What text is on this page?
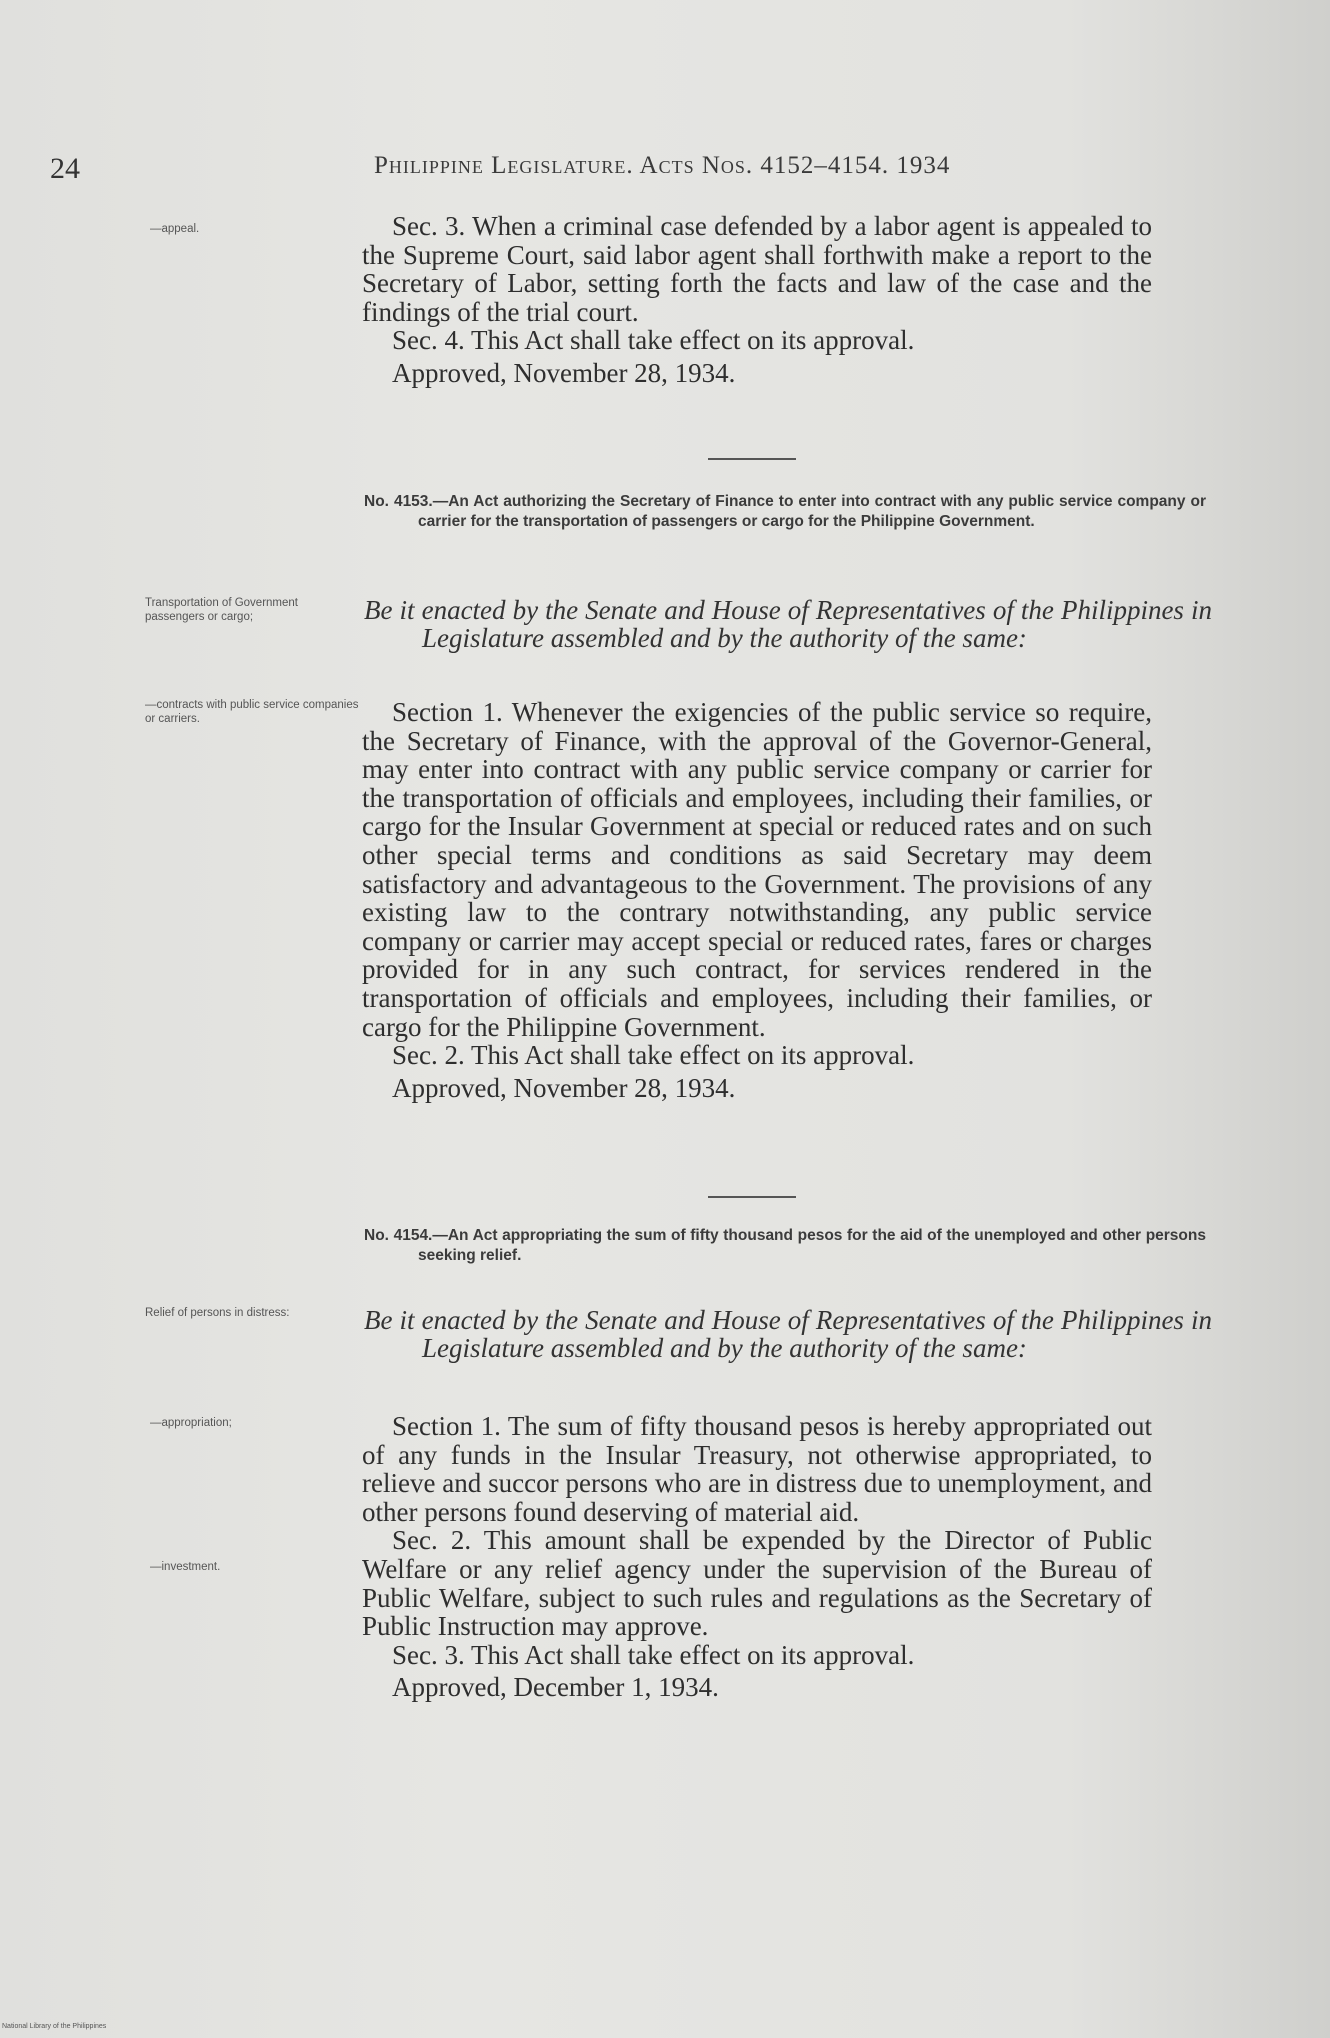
24	Philippine Legislature. Acts Nos. 4152–4154. 1934
—appeal.	Sec. 3. When a criminal case defended by a labor agent is appealed to the Supreme Court, said labor agent shall forthwith make a report to the Secretary of Labor, setting forth the facts and law of the case and the findings of the trial court.

Sec. 4. This Act shall take effect on its approval.

Approved, November 28, 1934.

No. 4153.—An Act authorizing the Secretary of Finance to enter into contract with any public service company or carrier for the transportation of passengers or cargo for the Philippine Government.
Transportation of Government passengers or cargo;	Be it enacted by the Senate and House of Representatives of the Philippines in Legislature assembled and by the authority of the same:
—contracts with public service companies or carriers.	Section 1. Whenever the exigencies of the public service so require, the Secretary of Finance, with the approval of the Governor-General, may enter into contract with any public service company or carrier for the transportation of officials and employees, including their families, or cargo for the Insular Government at special or reduced rates and on such other special terms and conditions as said Secretary may deem satisfactory and advantageous to the Government. The provisions of any existing law to the contrary notwithstanding, any public service company or carrier may accept special or reduced rates, fares or charges provided for in any such contract, for services rendered in the transportation of officials and employees, including their families, or cargo for the Philippine Government.

Sec. 2. This Act shall take effect on its approval.

Approved, November 28, 1934.

No. 4154.—An Act appropriating the sum of fifty thousand pesos for the aid of the unemployed and other persons seeking relief.
Relief of persons in distress:	Be it enacted by the Senate and House of Representatives of the Philippines in Legislature assembled and by the authority of the same:
—appropriation;	Section 1. The sum of fifty thousand pesos is hereby appropriated out of any funds in the Insular Treasury, not otherwise appropriated, to relieve and succor persons who are in distress due to unemployment, and other persons found deserving of material aid.

Sec. 2. This amount shall be expended by the Director of Public Welfare or any relief agency under the supervision of the Bureau of Public Welfare, subject to such rules and regulations as the Secretary of Public Instruction may approve.

Sec. 3. This Act shall take effect on its approval.

Approved, December 1, 1934.

—investment.
National Library of the Philippines
